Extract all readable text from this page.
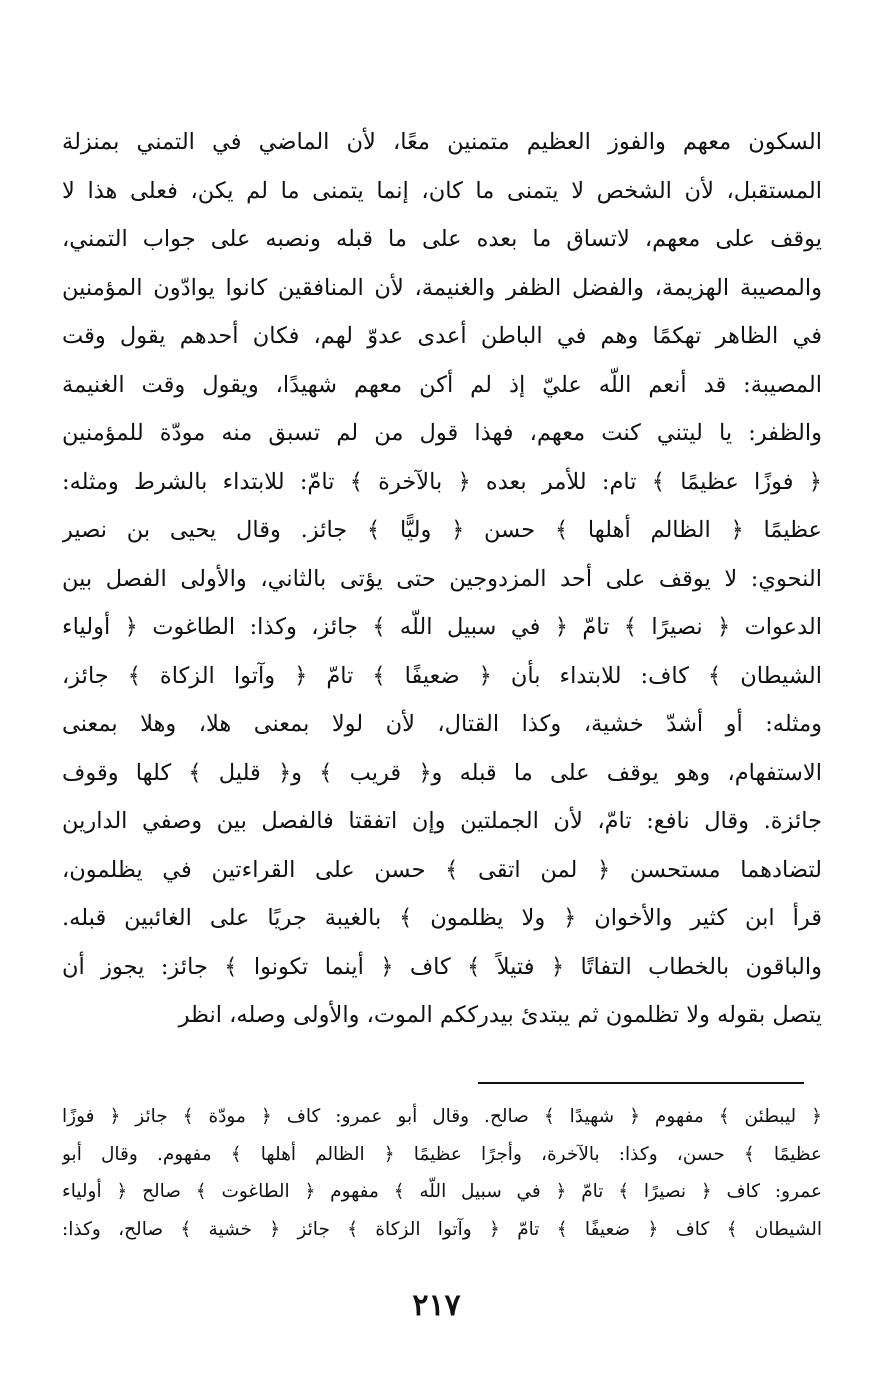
السكون معهم والفوز العظيم متمنين معًا، لأن الماضي في التمني بمنزلة
المستقبل، لأن الشخص لا يتمنى ما كان، إنما يتمنى ما لم يكن، فعلى هذا لا
يوقف على معهم، لاتساق ما بعده على ما قبله ونصبه على جواب التمني،
والمصيبة الهزيمة، والفضل الظفر والغنيمة، لأن المنافقين كانوا يوادّون المؤمنين
في الظاهر تهكمًا وهم في الباطن أعدى عدوّ لهم، فكان أحدهم يقول وقت
المصيبة: قد أنعم اللّه عليّ إذ لم أكن معهم شهيدًا، ويقول وقت الغنيمة
والظفر: يا ليتني كنت معهم، فهذا قول من لم تسبق منه مودّة للمؤمنين
﴿ فوزًا عظيمًا ﴾ تام: للأمر بعده ﴿ بالآخرة ﴾ تامّ: للابتداء بالشرط ومثله:
عظيمًا ﴿ الظالم أهلها ﴾ حسن ﴿ وليًّا ﴾ جائز. وقال يحيى بن نصير
النحوي: لا يوقف على أحد المزدوجين حتى يؤتى بالثاني، والأولى الفصل بين
الدعوات ﴿ نصيرًا ﴾ تامّ ﴿ في سبيل اللّه ﴾ جائز، وكذا: الطاغوت ﴿ أولياء
الشيطان ﴾ كاف: للابتداء بأن ﴿ ضعيفًا ﴾ تامّ ﴿ وآتوا الزكاة ﴾ جائز،
ومثله: أو أشدّ خشية، وكذا القتال، لأن لولا بمعنى هلا، وهلا بمعنى
الاستفهام، وهو يوقف على ما قبله و﴿ قريب ﴾ و﴿ قليل ﴾ كلها وقوف
جائزة. وقال نافع: تامّ، لأن الجملتين وإن اتفقتا فالفصل بين وصفي الدارين
لتضادهما مستحسن ﴿ لمن اتقى ﴾ حسن على القراءتين في يظلمون،
قرأ ابن كثير والأخوان ﴿ ولا يظلمون ﴾ بالغيبة جريًا على الغائبين قبله.
والباقون بالخطاب التفاتًا ﴿ فتيلاً ﴾ كاف ﴿ أينما تكونوا ﴾ جائز: يجوز أن
يتصل بقوله ولا تظلمون ثم يبتدئ بيدرككم الموت، والأولى وصله، انظر
﴿ ليبطئن ﴾ مفهوم ﴿ شهيدًا ﴾ صالح. وقال أبو عمرو: كاف ﴿ مودّة ﴾ جائز ﴿ فوزًا
عظيمًا ﴾ حسن، وكذا: بالآخرة، وأجرًا عظيمًا ﴿ الظالم أهلها ﴾ مفهوم. وقال أبو
عمرو: كاف ﴿ نصيرًا ﴾ تامّ ﴿ في سبيل اللّه ﴾ مفهوم ﴿ الطاغوت ﴾ صالح ﴿ أولياء
الشيطان ﴾ كاف ﴿ ضعيفًا ﴾ تامّ ﴿ وآتوا الزكاة ﴾ جائز ﴿ خشية ﴾ صالح، وكذا:
٢١٧
